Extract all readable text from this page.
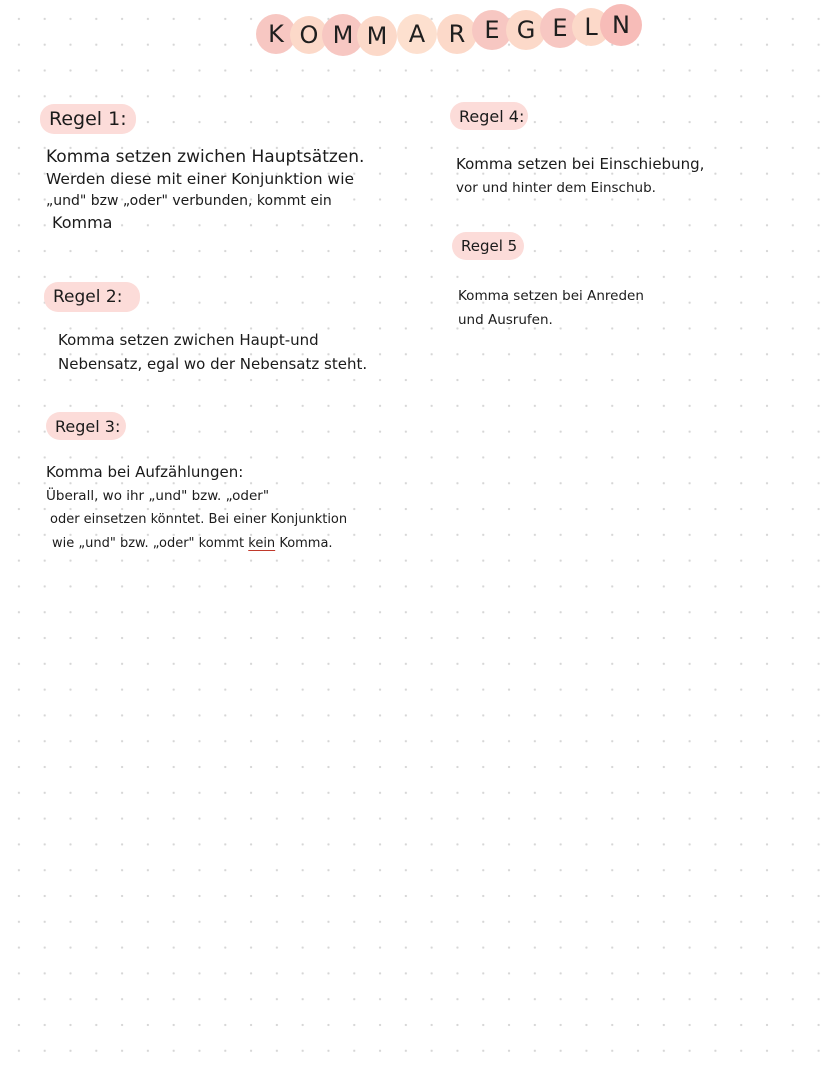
K O M M A R E G E L N
Regel 1:
Komma setzen zwichen Hauptsätzen.
Werden diese mit einer Konjunktion wie
„und" bzw „oder" verbunden, kommt ein
Komma
Regel 2:
Komma setzen zwichen Haupt-und
Nebensatz, egal wo der Nebensatz steht.
Regel 3:
Komma bei Aufzählungen:
Überall, wo ihr „und" bzw. „oder"
oder einsetzen könntet. Bei einer Konjunktion
wie „und" bzw. „oder" kommt kein Komma.
Regel 4:
Komma setzen bei Einschiebung,
vor und hinter dem Einschub.
Regel 5
Komma setzen bei Anreden
und Ausrufen.
